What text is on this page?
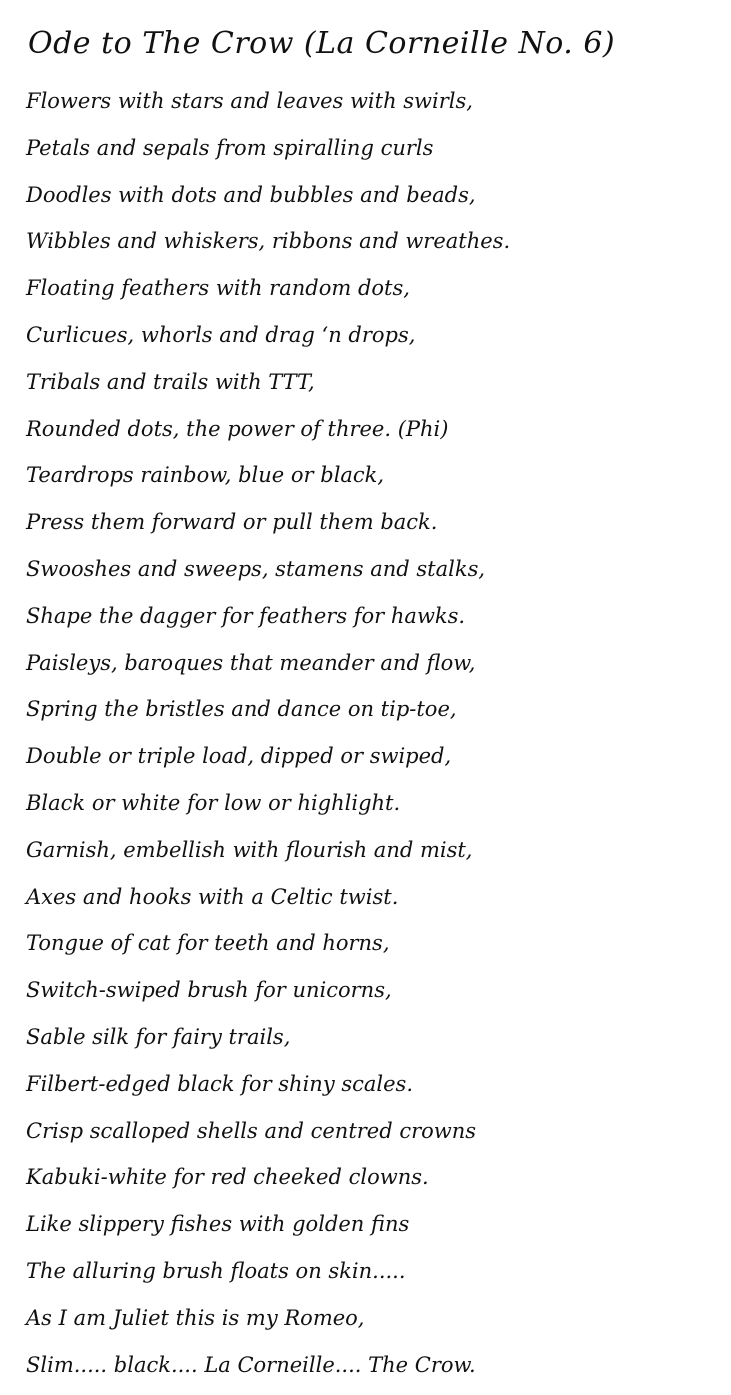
Ode to The Crow (La Corneille No. 6)
Flowers with stars and leaves with swirls,
Petals and sepals from spiralling curls
Doodles with dots and bubbles and beads,
Wibbles and whiskers, ribbons and wreathes.
Floating feathers with random dots,
Curlicues, whorls and drag ‘n drops,
Tribals and trails with TTT,
Rounded dots, the power of three. (Phi)
Teardrops rainbow, blue or black,
Press them forward or pull them back.
Swooshes and sweeps, stamens and stalks,
Shape the dagger for feathers for hawks.
Paisleys, baroques that meander and flow,
Spring the bristles and dance on tip-toe,
Double or triple load, dipped or swiped,
Black or white for low or highlight.
Garnish, embellish with flourish and mist,
Axes and hooks with a Celtic twist.
Tongue of cat for teeth and horns,
Switch-swiped brush for unicorns,
Sable silk for fairy trails,
Filbert-edged black for shiny scales.
Crisp scalloped shells and centred crowns
Kabuki-white for red cheeked clowns.
Like slippery fishes with golden fins
The alluring brush floats on skin.....
As I am Juliet this is my Romeo,
Slim..... black.... La Corneille.... The Crow.
